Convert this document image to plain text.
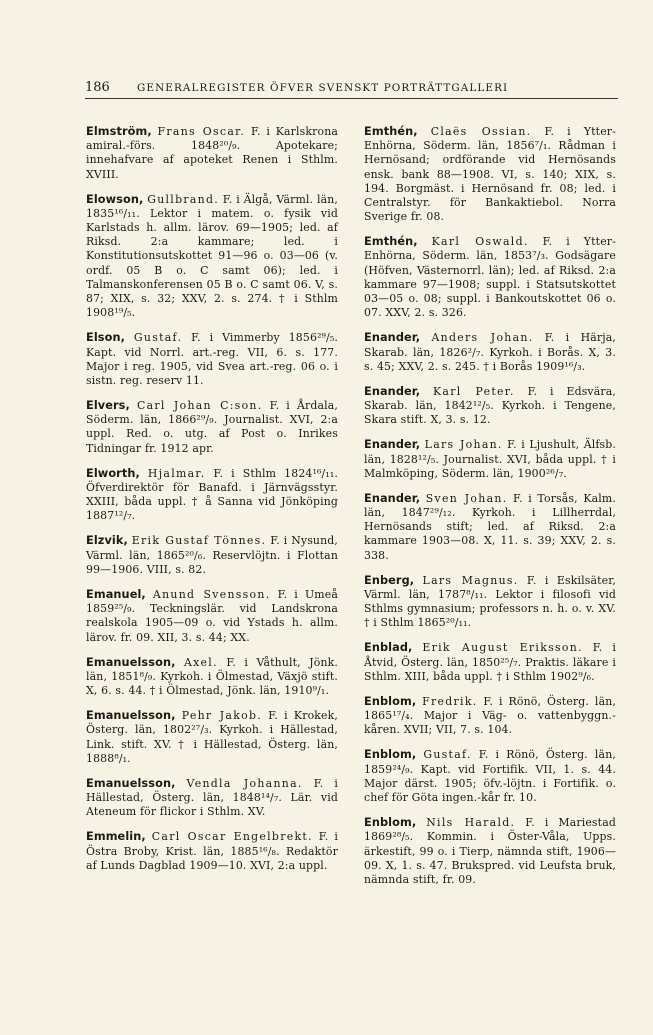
186	GENERALREGISTER ÖFVER SVENSKT PORTRÄTTGALLERI

Elmström, Frans Oscar. F. i Karlskrona amiral.-förs. 1848²⁰/₉. Apotekare; innehafvare af apoteket Renen i Sthlm. XVIII.

Elowson, Gullbrand. F. i Älgå, Värml. län, 1835¹⁶/₁₁. Lektor i matem. o. fysik vid Karlstads h. allm. lärov. 69—1905; led. af Riksd. 2:a kammare; led. i Konstitutionsutskottet 91—96 o. 03—06 (v. ordf. 05 B o. C samt 06); led. i Talmanskonferensen 05 B o. C samt 06. V, s. 87; XIX, s. 32; XXV, 2. s. 274. † i Sthlm 1908¹⁹/₅.

Elson, Gustaf. F. i Vimmerby 1856²⁹/₅. Kapt. vid Norrl. art.-reg. VII, 6. s. 177. Major i reg. 1905, vid Svea art.-reg. 06 o. i sistn. reg. reserv 11.

Elvers, Carl Johan C:son. F. i Årdala, Söderm. län, 1866²⁹/₉. Journalist. XVI, 2:a uppl. Red. o. utg. af Post o. Inrikes Tidningar fr. 1912 apr.

Elworth, Hjalmar. F. i Sthlm 1824¹⁶/₁₁. Öfverdirektör för Banafd. i Järnvägsstyr. XXIII, båda uppl. † å Sanna vid Jönköping 1887¹²/₇.

Elzvik, Erik Gustaf Tönnes. F. i Nysund, Värml. län, 1865²⁰/₆. Reservlöjtn. i Flottan 99—1906. VIII, s. 82.

Emanuel, Anund Svensson. F. i Umeå 1859²⁵/₉. Teckningslär. vid Landskrona realskola 1905—09 o. vid Ystads h. allm. lärov. fr. 09. XII, 3. s. 44; XX.

Emanuelsson, Axel. F. i Våthult, Jönk. län, 1851⁸/₉. Kyrkoh. i Ölmestad, Växjö stift. X, 6. s. 44. † i Ölmestad, Jönk. län, 1910⁹/₁.

Emanuelsson, Pehr Jakob. F. i Krokek, Österg. län, 1802²⁷/₃. Kyrkoh. i Hällestad, Link. stift. XV. † i Hällestad, Österg. län, 1888⁸/₁.

Emanuelsson, Vendla Johanna. F. i Hällestad, Österg. län, 1848¹⁴/₇. Lär. vid Ateneum för flickor i Sthlm. XV.

Emmelin, Carl Oscar Engelbrekt. F. i Östra Broby, Krist. län, 1885¹⁶/₈. Redaktör af Lunds Dagblad 1909—10. XVI, 2:a uppl.

Emthén, Claës Ossian. F. i Ytter-Enhörna, Söderm. län, 1856⁷/₁. Rådman i Hernösand; ordförande vid Hernösands ensk. bank 88—1908. VI, s. 140; XIX, s. 194. Borgmäst. i Hernösand fr. 08; led. i Centralstyr. för Bankaktiebol. Norra Sverige fr. 08.

Emthén, Karl Oswald. F. i Ytter-Enhörna, Söderm. län, 1853⁷/₃. Godsägare (Höfven, Västernorrl. län); led. af Riksd. 2:a kammare 97—1908; suppl. i Statsutskottet 03—05 o. 08; suppl. i Bankoutskottet 06 o. 07. XXV, 2. s. 326.

Enander, Anders Johan. F. i Härja, Skarab. län, 1826²/₇. Kyrkoh. i Borås. X, 3. s. 45; XXV, 2. s. 245. † i Borås 1909¹⁶/₃.

Enander, Karl Peter. F. i Edsvära, Skarab. län, 1842¹²/₅. Kyrkoh. i Tengene, Skara stift. X, 3. s. 12.

Enander, Lars Johan. F. i Ljushult, Älfsb. län, 1828¹²/₅. Journalist. XVI, båda uppl. † i Malmköping, Söderm. län, 1900²⁶/₇.

Enander, Sven Johan. F. i Torsås, Kalm. län, 1847²⁹/₁₂. Kyrkoh. i Lillherrdal, Hernösands stift; led. af Riksd. 2:a kammare 1903—08. X, 11. s. 39; XXV, 2. s. 338.

Enberg, Lars Magnus. F. i Eskilsäter, Värml. län, 1787⁸/₁₁. Lektor i filosofi vid Sthlms gymnasium; professors n. h. o. v. XV. † i Sthlm 1865²⁰/₁₁.

Enblad, Erik August Eriksson. F. i Åtvid, Österg. län, 1850²⁵/₇. Praktis. läkare i Sthlm. XIII, båda uppl. † i Sthlm 1902⁹/₆.

Enblom, Fredrik. F. i Rönö, Österg. län, 1865¹⁷/₄. Major i Väg- o. vattenbyggn.-kåren. XVII; VII, 7. s. 104.

Enblom, Gustaf. F. i Rönö, Österg. län, 1859²⁴/₉. Kapt. vid Fortifik. VII, 1. s. 44. Major därst. 1905; öfv.-löjtn. i Fortifik. o. chef för Göta ingen.-kår fr. 10.

Enblom, Nils Harald. F. i Mariestad 1869²⁸/₅. Kommin. i Öster-Våla, Upps. ärkestift, 99 o. i Tierp, nämnda stift, 1906—09. X, 1. s. 47. Brukspred. vid Leufsta bruk, nämnda stift, fr. 09.
